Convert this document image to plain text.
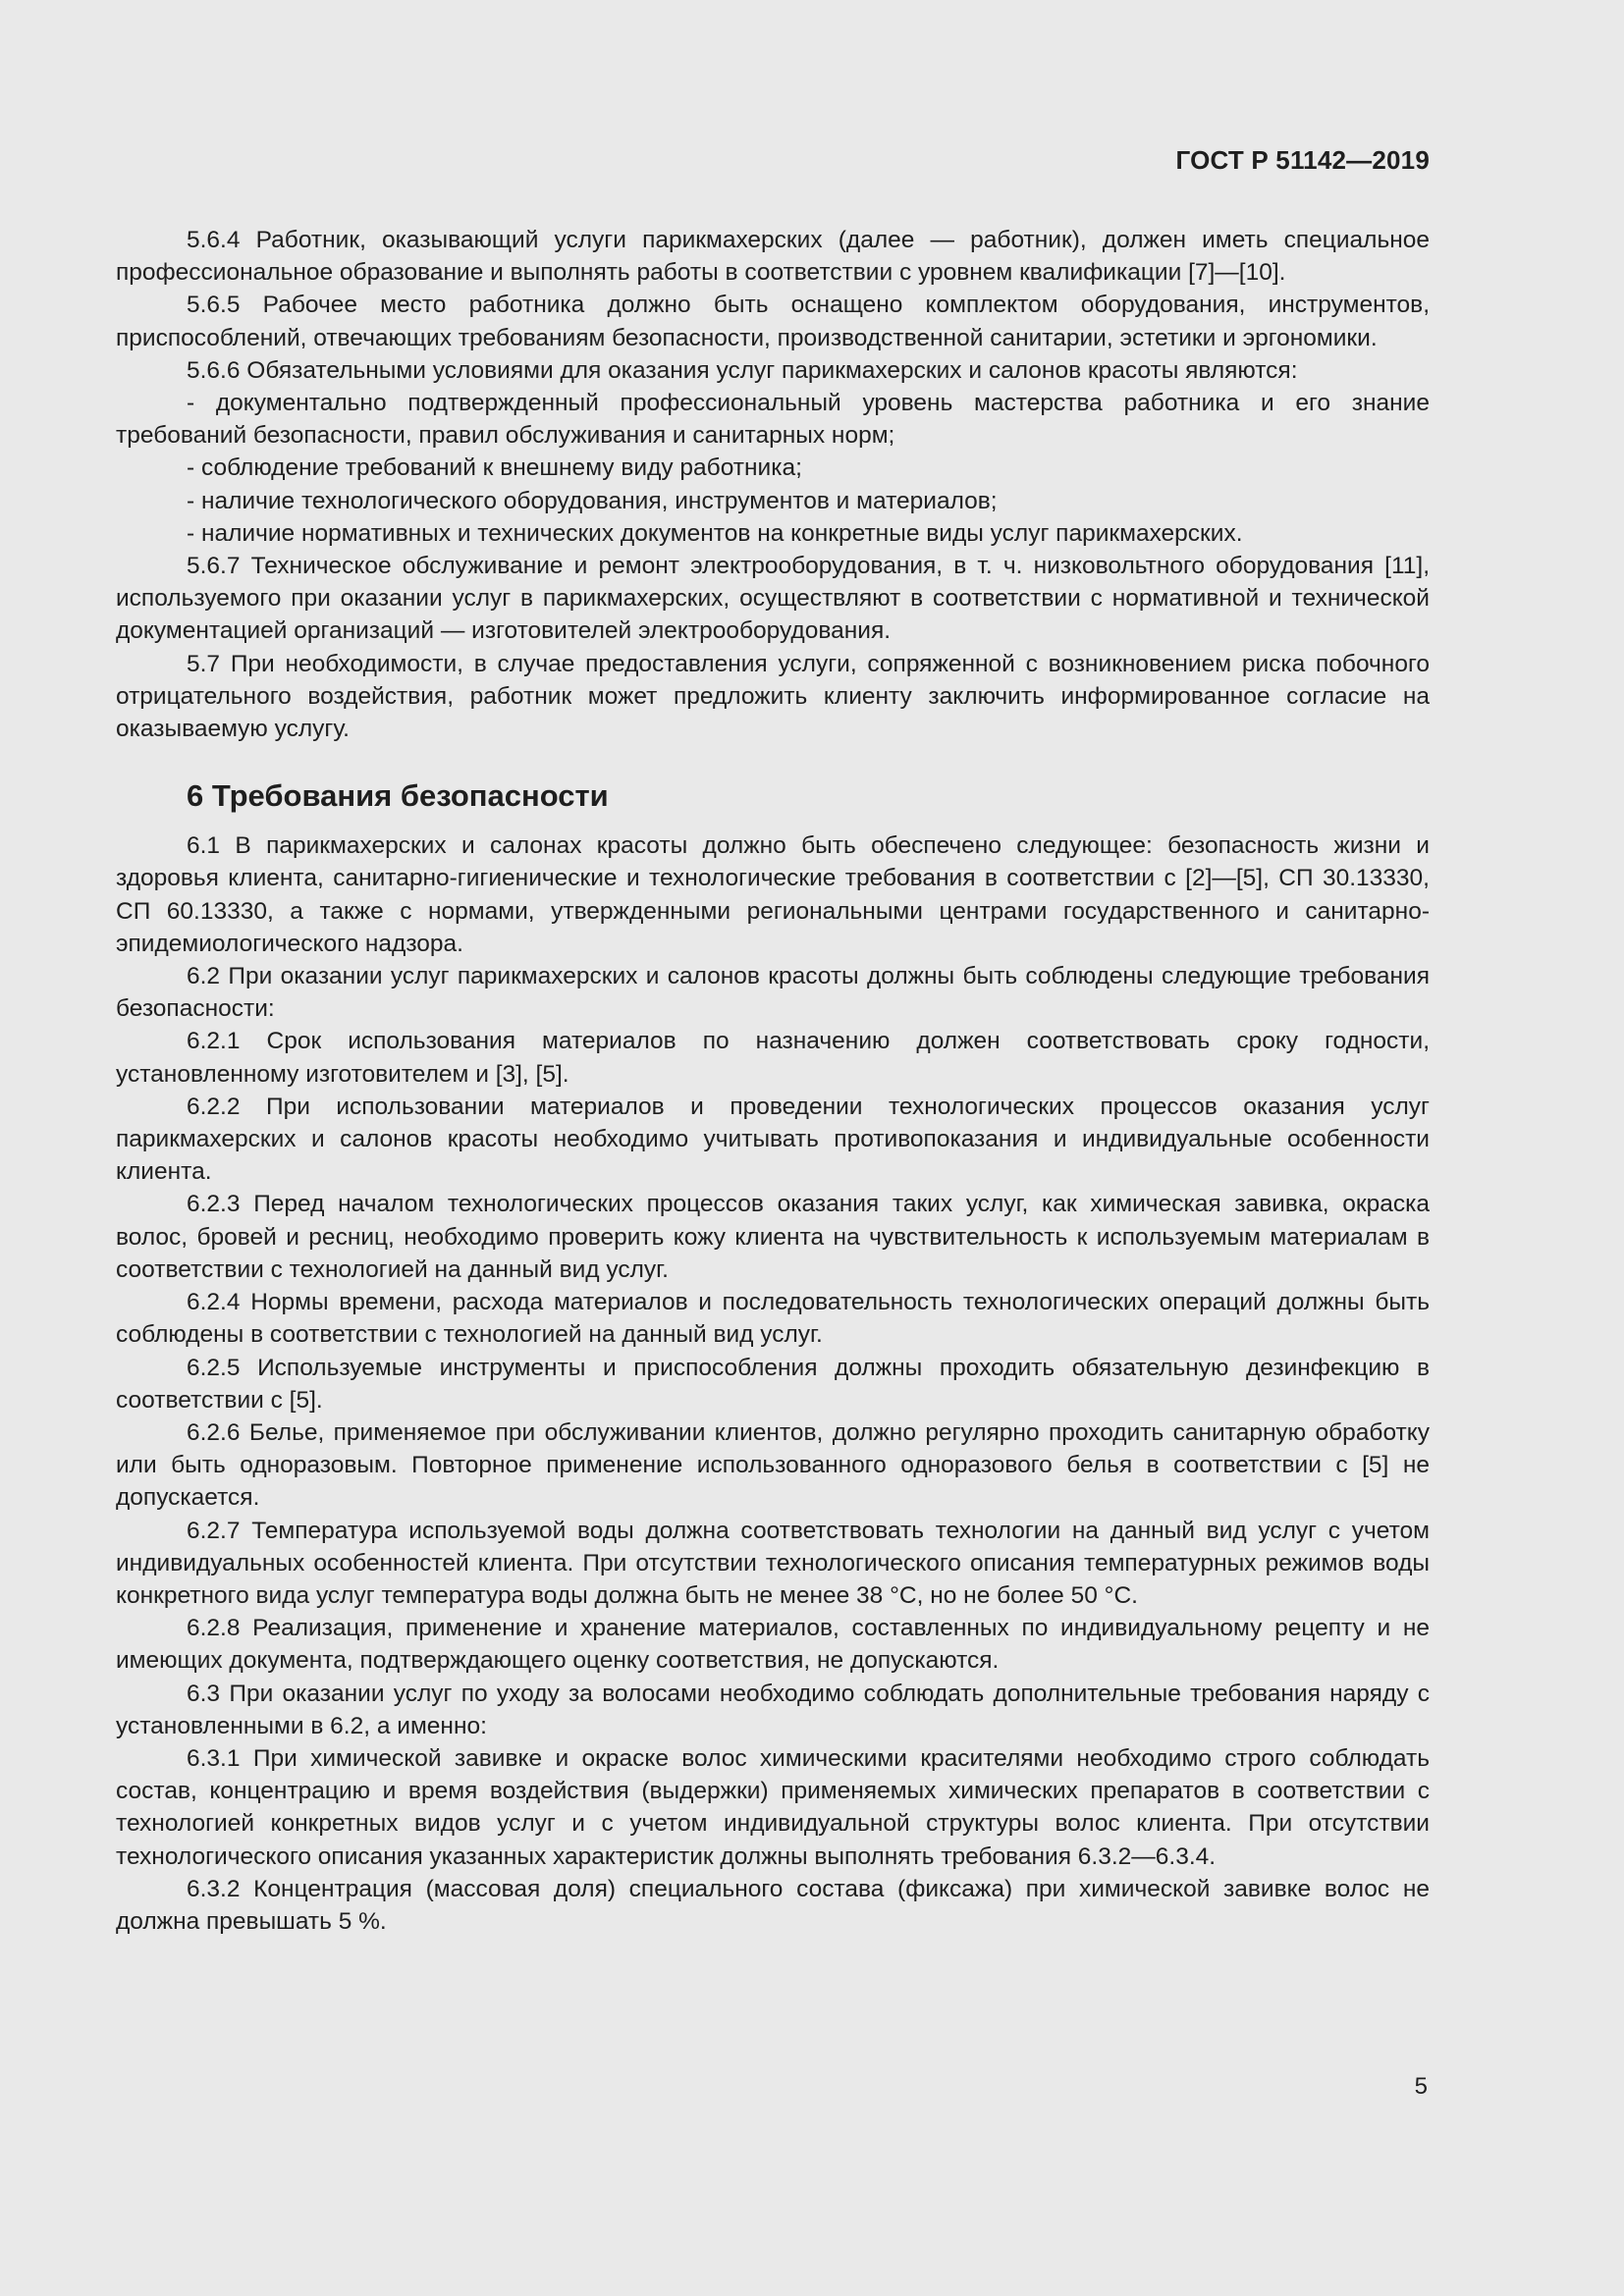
ГОСТ Р 51142—2019

5.6.4 Работник, оказывающий услуги парикмахерских (далее — работник), должен иметь специальное профессиональное образование и выполнять работы в соответствии с уровнем квалификации [7]—[10].

5.6.5 Рабочее место работника должно быть оснащено комплектом оборудования, инструментов, приспособлений, отвечающих требованиям безопасности, производственной санитарии, эстетики и эргономики.

5.6.6 Обязательными условиями для оказания услуг парикмахерских и салонов красоты являются:

- документально подтвержденный профессиональный уровень мастерства работника и его знание требований безопасности, правил обслуживания и санитарных норм;

- соблюдение требований к внешнему виду работника;

- наличие технологического оборудования, инструментов и материалов;

- наличие нормативных и технических документов на конкретные виды услуг парикмахерских.

5.6.7 Техническое обслуживание и ремонт электрооборудования, в т. ч. низковольтного оборудования [11], используемого при оказании услуг в парикмахерских, осуществляют в соответствии с нормативной и технической документацией организаций — изготовителей электрооборудования.

5.7 При необходимости, в случае предоставления услуги, сопряженной с возникновением риска побочного отрицательного воздействия, работник может предложить клиенту заключить информированное согласие на оказываемую услугу.

6 Требования безопасности

6.1 В парикмахерских и салонах красоты должно быть обеспечено следующее: безопасность жизни и здоровья клиента, санитарно-гигиенические и технологические требования в соответствии с [2]—[5], СП 30.13330, СП 60.13330, а также с нормами, утвержденными региональными центрами государственного и санитарно-эпидемиологического надзора.

6.2 При оказании услуг парикмахерских и салонов красоты должны быть соблюдены следующие требования безопасности:

6.2.1 Срок использования материалов по назначению должен соответствовать сроку годности, установленному изготовителем и [3], [5].

6.2.2 При использовании материалов и проведении технологических процессов оказания услуг парикмахерских и салонов красоты необходимо учитывать противопоказания и индивидуальные особенности клиента.

6.2.3 Перед началом технологических процессов оказания таких услуг, как химическая завивка, окраска волос, бровей и ресниц, необходимо проверить кожу клиента на чувствительность к используемым материалам в соответствии с технологией на данный вид услуг.

6.2.4 Нормы времени, расхода материалов и последовательность технологических операций должны быть соблюдены в соответствии с технологией на данный вид услуг.

6.2.5 Используемые инструменты и приспособления должны проходить обязательную дезинфекцию в соответствии с [5].

6.2.6 Белье, применяемое при обслуживании клиентов, должно регулярно проходить санитарную обработку или быть одноразовым. Повторное применение использованного одноразового белья в соответствии с [5] не допускается.

6.2.7 Температура используемой воды должна соответствовать технологии на данный вид услуг с учетом индивидуальных особенностей клиента. При отсутствии технологического описания температурных режимов воды конкретного вида услуг температура воды должна быть не менее 38 °C, но не более 50 °C.

6.2.8 Реализация, применение и хранение материалов, составленных по индивидуальному рецепту и не имеющих документа, подтверждающего оценку соответствия, не допускаются.

6.3 При оказании услуг по уходу за волосами необходимо соблюдать дополнительные требования наряду с установленными в 6.2, а именно:

6.3.1 При химической завивке и окраске волос химическими красителями необходимо строго соблюдать состав, концентрацию и время воздействия (выдержки) применяемых химических препаратов в соответствии с технологией конкретных видов услуг и с учетом индивидуальной структуры волос клиента. При отсутствии технологического описания указанных характеристик должны выполнять требования 6.3.2—6.3.4.

6.3.2 Концентрация (массовая доля) специального состава (фиксажа) при химической завивке волос не должна превышать 5 %.

5
